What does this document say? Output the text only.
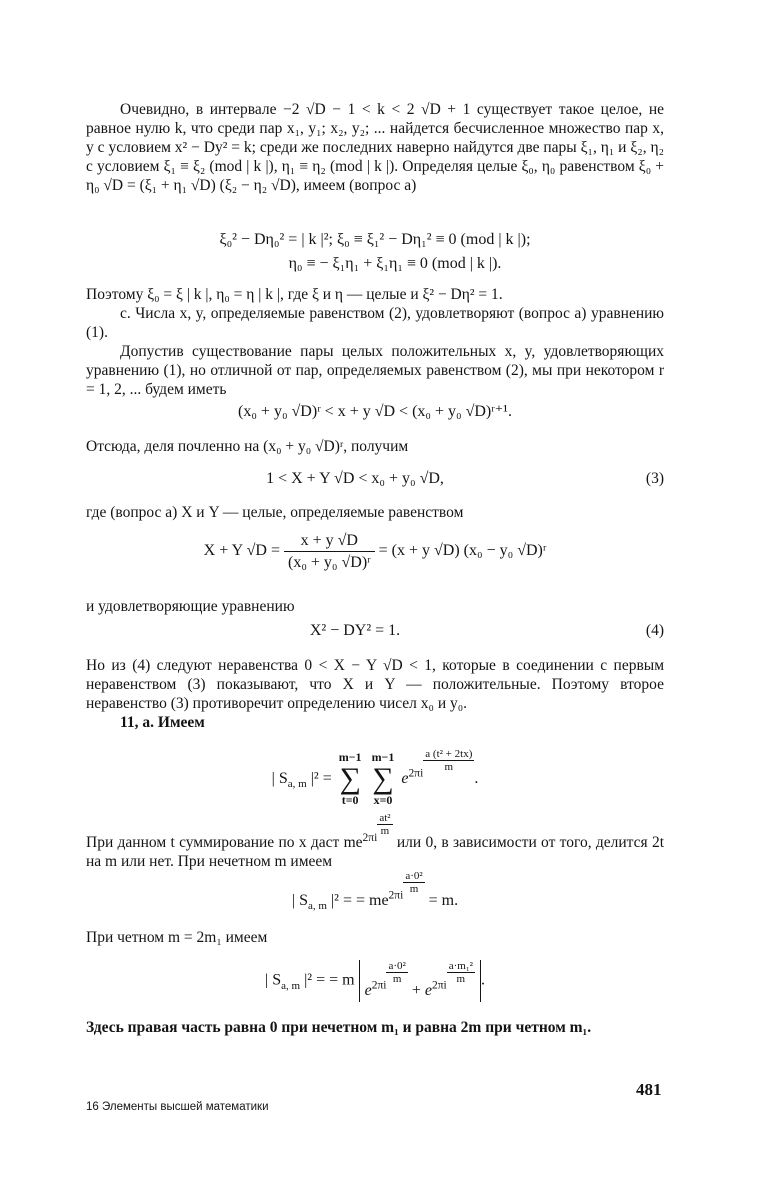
Очевидно, в интервале −2 √D − 1 < k < 2 √D + 1 существует такое целое, не равное нулю k, что среди пар x₁, y₁; x₂, y₂; ... найдется бесчисленное множество пар x, y с условием x² − Dy² = k; среди же последних наверно найдутся две пары ξ₁, η₁ и ξ₂, η₂ с условием ξ₁ ≡ ξ₂ (mod | k |), η₁ ≡ η₂ (mod | k |). Определяя целые ξ₀, η₀ равенством ξ₀ + η₀ √D = (ξ₁ + η₁ √D) (ξ₂ − η₂ √D), имеем (вопрос а)

ξ₀² − Dη₀² = | k |²; ξ₀ ≡ ξ₁² − Dη₁² ≡ 0 (mod | k |);
η₀ ≡ − ξ₁η₁ + ξ₁η₁ ≡ 0 (mod | k |).

Поэтому ξ₀ = ξ | k |, η₀ = η | k |, где ξ и η — целые и ξ² − Dη² = 1.

с. Числа x, y, определяемые равенством (2), удовлетворяют (вопрос а) уравнению (1).

Допустив существование пары целых положительных x, y, удовлетворяющих уравнению (1), но отличной от пар, определяемых равенством (2), мы при некотором r = 1, 2, ... будем иметь

(x₀ + y₀ √D)ʳ < x + y √D < (x₀ + y₀ √D)ʳ⁺¹.

Отсюда, деля почленно на (x₀ + y₀ √D)ʳ, получим

1 < X + Y √D < x₀ + y₀ √D,	(3)

где (вопрос а) X и Y — целые, определяемые равенством

X + Y $√D = \frac{x + y √D}{\text{(x₀ + y₀ √D)ʳ}} = (x + y$ √D) (x₀ − y₀ √D)ʳ

и удовлетворяющие уравнению

X² − DY² = 1.	(4)

Но из (4) следуют неравенства 0 < X − Y √D < 1, которые в соединении с первым неравенством (3) показывают, что X и Y — положительные. Поэтому второе неравенство (3) противоречит определению чисел x₀ и y₀.

11, а. Имеем

| $S_{a, m}$ |² =
m−1
∑
t=0

m−1
∑
x=0
$e^{2\pi i}$
$\frac{\text{a (t² + 2tx)}}{m}$
.

При данном t суммирование по x даст $me^{2\pi i}$
$\frac{\text{at²}}{m}$
или 0, в зависимости от того, делится 2t на m или нет. При нечетном m имеем

| $S_{a, m}$ |² = = $me^{2\pi i}$
$\frac{\text{a·0²}}{m}$
= m.

При четном m = 2m₁ имеем

| $S_{a, m}$ |² = = m $e^{2\pi i}$
$\frac{\text{a·0²}}{m}$
+ $e^{2\pi i}$
$\frac{\text{a·m₁²}}{m}$ .

Здесь правая часть равна 0 при нечетном m₁ и равна 2m при четном m₁.

481
16 Элементы высшей математики
